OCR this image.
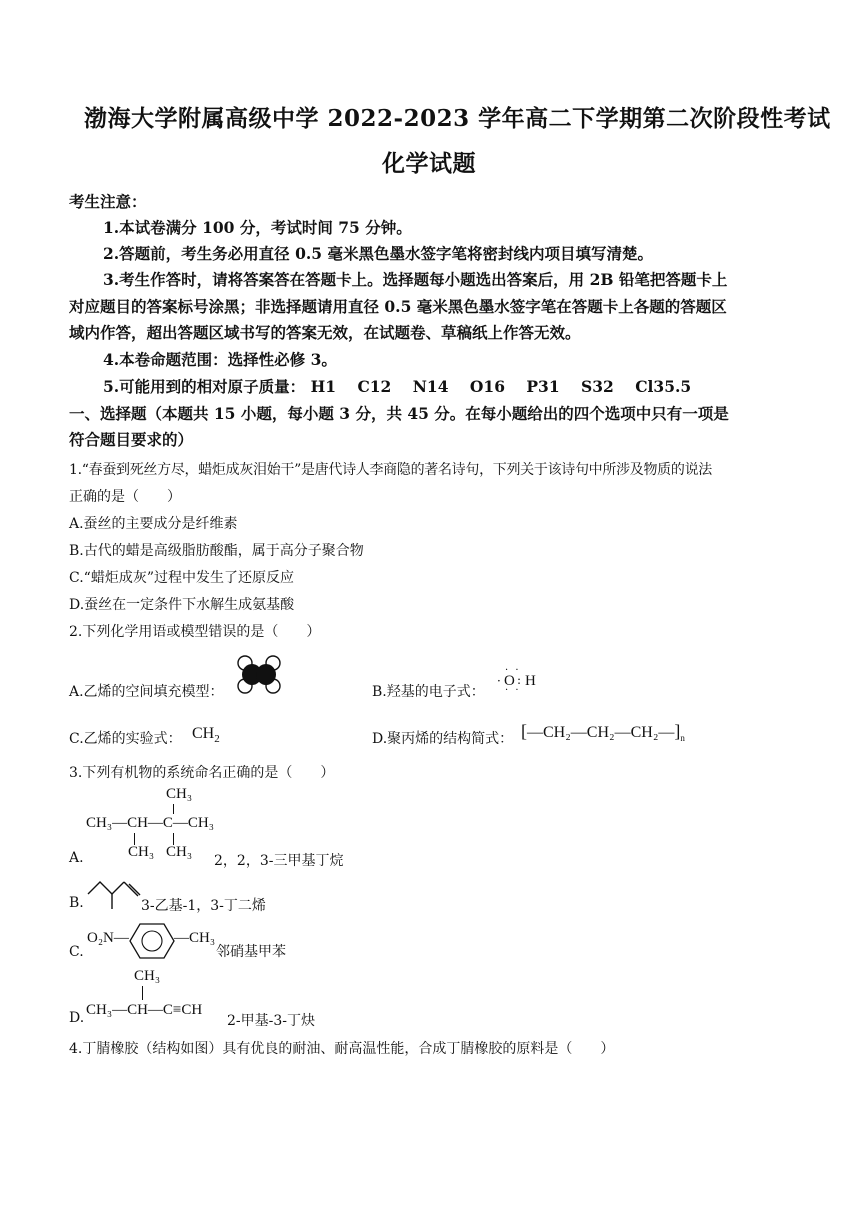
渤海大学附属高级中学 2022-2023 学年高二下学期第二次阶段性考试
化学试题
考生注意：
1.本试卷满分 100 分，考试时间 75 分钟。
2.答题前，考生务必用直径 0.5 毫米黑色墨水签字笔将密封线内项目填写清楚。
3.考生作答时，请将答案答在答题卡上。选择题每小题选出答案后，用 2B 铅笔把答题卡上
对应题目的答案标号涂黑；非选择题请用直径 0.5 毫米黑色墨水签字笔在答题卡上各题的答题区
域内作答，超出答题区域书写的答案无效，在试题卷、草稿纸上作答无效。
4.本卷命题范围：选择性必修 3。
5.可能用到的相对原子质量： H1 C12 N14 O16 P31 S32 Cl35.5
一、选择题（本题共 15 小题，每小题 3 分，共 45 分。在每小题给出的四个选项中只有一项是
符合题目要求的）
1.“春蚕到死丝方尽，蜡炬成灰泪始干”是唐代诗人李商隐的著名诗句，下列关于该诗句中所涉及物质的说法
正确的是（　　）
A.蚕丝的主要成分是纤维素
B.古代的蜡是高级脂肪酸酯，属于高分子聚合物
C.“蜡炬成灰”过程中发生了还原反应
D.蚕丝在一定条件下水解生成氨基酸
2.下列化学用语或模型错误的是（　　）
A.乙烯的空间填充模型：	B.羟基的电子式：
· ·
· O : H
· ·
C.乙烯的实验式： $CH_2$	D.聚丙烯的结构简式： $[—CH_2—CH_2—CH_2—]_n$
3.下列有机物的系统命名正确的是（　　）
A.
CH₃
CH₃—CH—C—CH₃
CH₃ CH₃
2，2，3-三甲基丁烷
B.	3-乙基-1，3-丁二烯
C.
O₂N—	—CH₃
邻硝基甲苯
D.
CH₃
CH₃—CH—C≡CH
2-甲基-3-丁炔
4.丁腈橡胶（结构如图）具有优良的耐油、耐高温性能，合成丁腈橡胶的原料是（　　）
